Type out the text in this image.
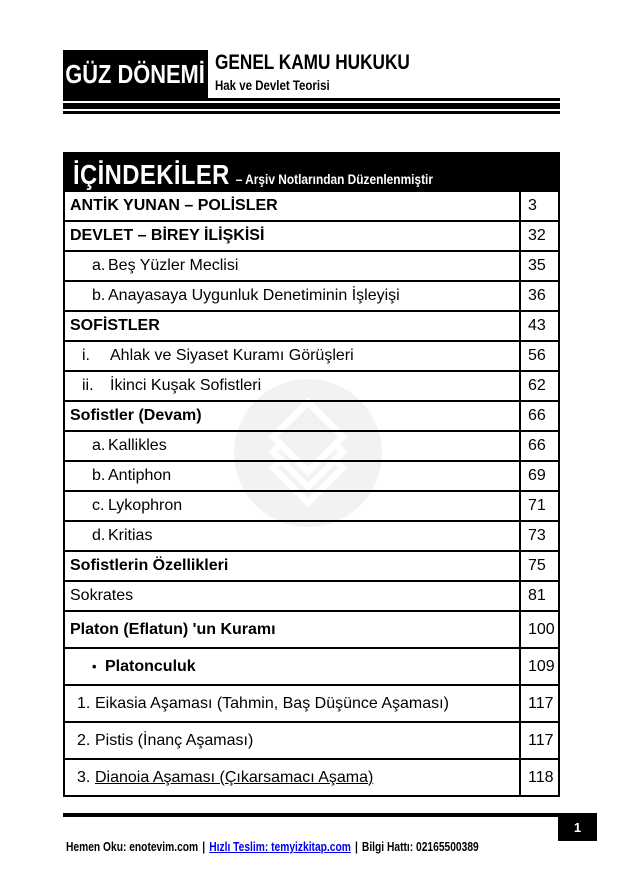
GÜZ DÖNEMİ GENEL KAMU HUKUKU
Hak ve Devlet Teorisi
İÇİNDEKİLER – Arşiv Notlarından Düzenlenmiştir
ANTİK YUNAN – POLİSLER	3
DEVLET – BİREY İLİŞKİSİ	32
a. Beş Yüzler Meclisi	35
b. Anayasaya Uygunluk Denetiminin İşleyişi	36
SOFİSTLER	43
i.	Ahlak ve Siyaset Kuramı Görüşleri	56
ii.	İkinci Kuşak Sofistleri	62
Sofistler (Devam)	66
a. Kallikles	66
b. Antiphon	69
c. Lykophron	71
d. Kritias	73
Sofistlerin Özellikleri	75
Sokrates	81
Platon (Eflatun) 'un Kuramı	100
• Platonculuk	109
1. Eikasia Aşaması (Tahmin, Baş Düşünce Aşaması)	117
2. Pistis (İnanç Aşaması)	117
3. Dianoia Aşaması (Çıkarsamacı Aşama)	118
1
Hemen Oku: enotevim.com | Hızlı Teslim: temyizkitap.com | Bilgi Hattı: 02165500389
